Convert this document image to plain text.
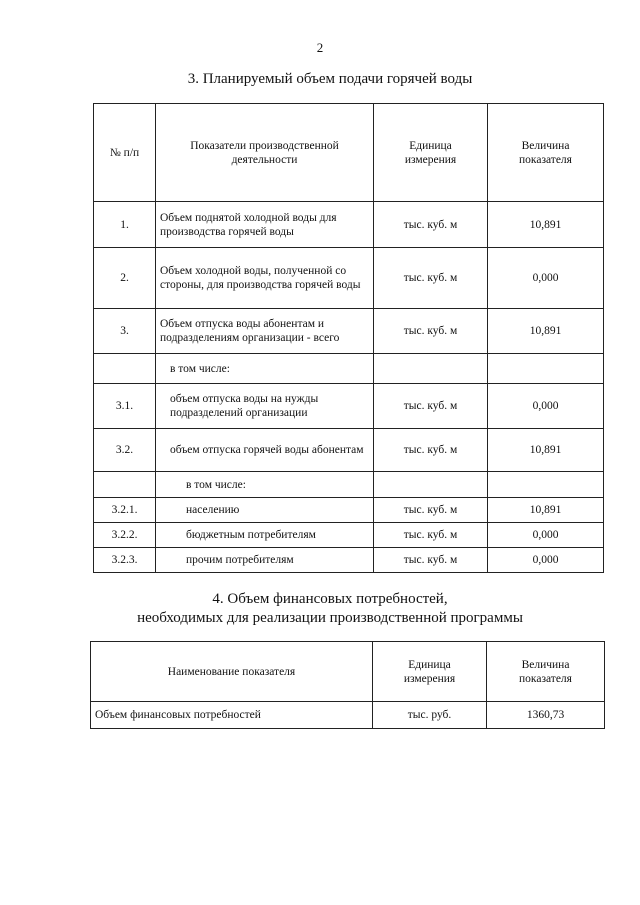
2
3. Планируемый объем подачи горячей воды
№ п/п	Показатели производственной деятельности	Единица измерения	Величина показателя
1.	Объем поднятой холодной воды для производства горячей воды	тыс. куб. м	10,891
2.	Объем холодной воды, полученной со стороны, для производства горячей воды	тыс. куб. м	0,000
3.	Объем отпуска воды абонентам и подразделениям организации - всего	тыс. куб. м	10,891
	в том числе:		
3.1.	объем отпуска воды на нужды подразделений организации	тыс. куб. м	0,000
3.2.	объем отпуска горячей воды абонентам	тыс. куб. м	10,891
	в том числе:		
3.2.1.	населению	тыс. куб. м	10,891
3.2.2.	бюджетным потребителям	тыс. куб. м	0,000
3.2.3.	прочим потребителям	тыс. куб. м	0,000
4. Объем финансовых потребностей,
необходимых для реализации производственной программы
Наименование показателя	Единица измерения	Величина показателя
Объем финансовых потребностей	тыс. руб.	1360,73
